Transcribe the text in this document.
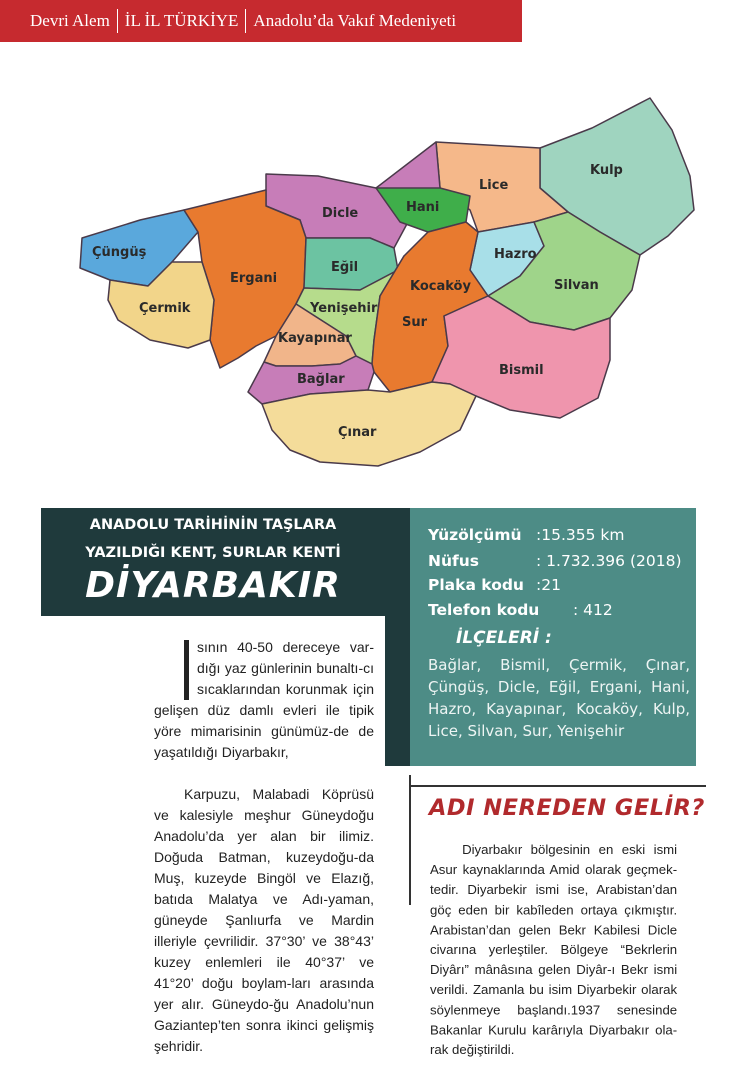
Devri Alem İL İL TÜRKİYE Anadolu’da Vakıf Medeniyeti
Kulp
Lice
Dicle	Hani
Çüngüş
Ergani
Eğil
Hazro
Silvan
Çermik	Yenişehir
Kocaköy
Sur
Kayapınar
Bismil
Bağlar
Çınar
ANADOLU TARİHİNİN TAŞLARA
YAZILDIĞI KENT, SURLAR KENTİ
DİYARBAKIR
Yüzölçümü :15.355 km
Nüfus	: 1.732.396 (2018)
Plaka kodu :21
Telefon kodu : 412
İLÇELERİ :
Bağlar, Bismil, Çermik, Çınar, Çüngüş, Dicle, Eğil, Ergani, Hani, Hazro, Kayapınar, Kocaköy, Kulp, Lice, Silvan, Sur, Yenişehir

sının 40-50 dereceye var-dığı yaz günlerinin bunaltı-cı sıcaklarından korunmak için gelişen düz damlı evleri ile tipik yöre mimarisinin günümüz-de de yaşatıldığı Diyarbakır,

Karpuzu, Malabadi Köprüsü ve kalesiyle meşhur Güneydoğu Anadolu’da yer alan bir ilimiz. Doğuda Batman, kuzeydoğu-da Muş, kuzeyde Bingöl ve Elazığ, batıda Malatya ve Adı-yaman, güneyde Şanlıurfa ve Mardin illeriyle çevrilidir. 37°30’ ve 38°43’ kuzey enlemleri ile 40°37’ ve 41°20’ doğu boylam-ları arasında yer alır. Güneydo-ğu Anadolu’nun Gaziantep’ten sonra ikinci gelişmiş şehridir.

ADI NEREDEN GELİR?
Diyarbakır bölgesinin en eski ismi Asur kaynaklarında Amid olarak geçmek-tedir. Diyarbekir ismi ise, Arabistan’dan göç eden bir kabîleden ortaya çıkmıştır. Arabistan’dan gelen Bekr Kabilesi Dicle civarına yerleştiler. Bölgeye “Bekrlerin Diyârı” mânâsına gelen Diyâr-ı Bekr ismi verildi. Zamanla bu isim Diyarbekir olarak söylenmeye başlandı.1937 senesinde Bakanlar Kurulu karârıyla Diyarbakır ola-rak değiştirildi.
